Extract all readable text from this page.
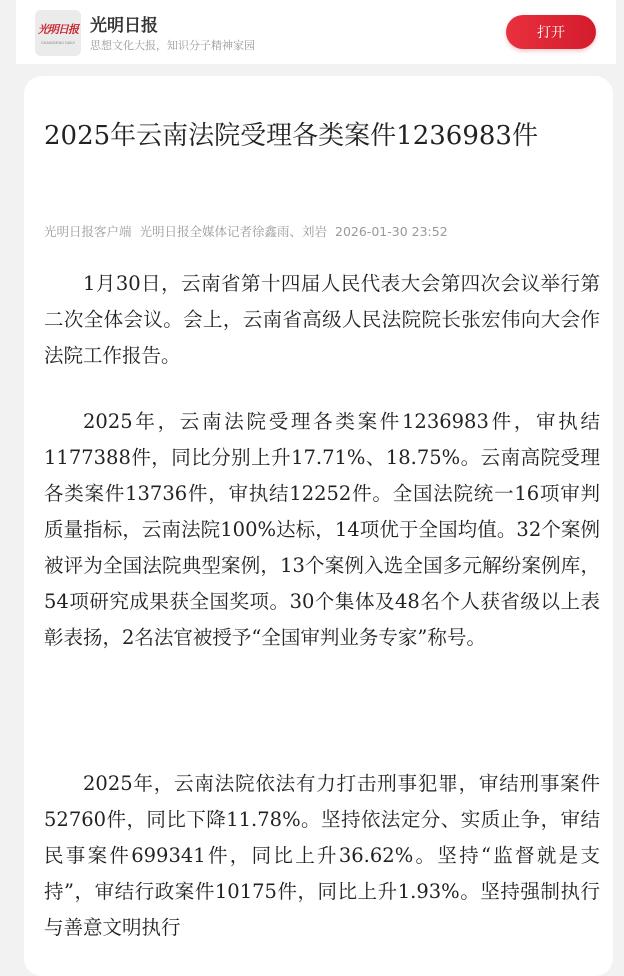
光明日报
GUANGMING DAILY
光明日报
思想文化大报，知识分子精神家园
打开
2025年云南法院受理各类案件1236983件
光明日报客户端 光明日报全媒体记者徐鑫雨、刘岩 2026-01-30 23:52

1月30日，云南省第十四届人民代表大会第四次会议举行第二次全体会议。会上，云南省高级人民法院院长张宏伟向大会作法院工作报告。

2025年，云南法院受理各类案件1236983件，审执结1177388件，同比分别上升17.71%、18.75%。云南高院受理各类案件13736件，审执结12252件。全国法院统一16项审判质量指标，云南法院100%达标，14项优于全国均值。32个案例被评为全国法院典型案例，13个案例入选全国多元解纷案例库，54项研究成果获全国奖项。30个集体及48名个人获省级以上表彰表扬，2名法官被授予“全国审判业务专家”称号。

2025年，云南法院依法有力打击刑事犯罪，审结刑事案件52760件，同比下降11.78%。坚持依法定分、实质止争，审结民事案件699341件，同比上升36.62%。坚持“监督就是支持”，审结行政案件10175件，同比上升1.93%。坚持强制执行与善意文明执行
